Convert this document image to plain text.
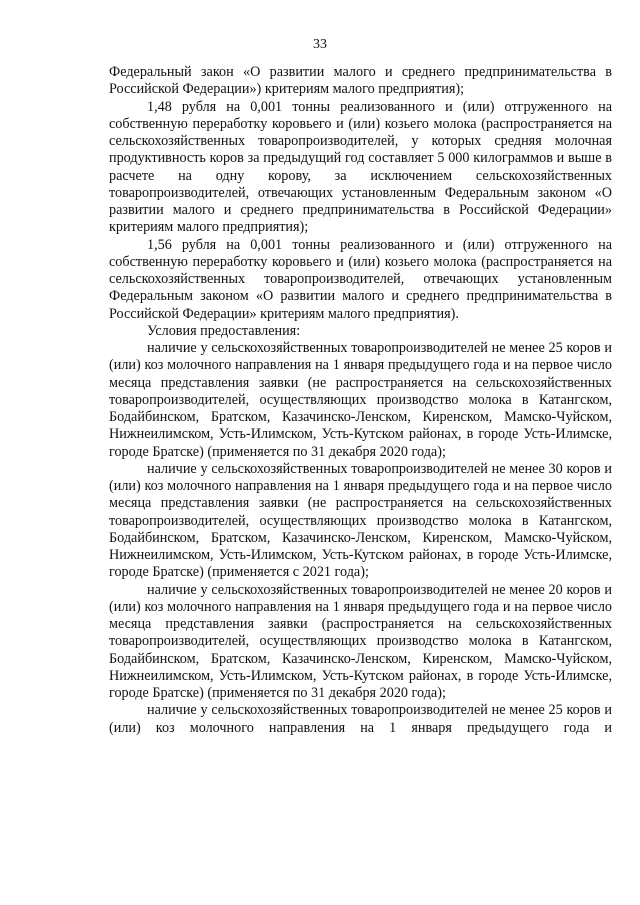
33

Федеральный закон «О развитии малого и среднего предпринимательства в Российской Федерации») критериям малого предприятия);

1,48 рубля на 0,001 тонны реализованного и (или) отгруженного на собственную переработку коровьего и (или) козьего молока (распространяется на сельскохозяйственных товаропроизводителей, у которых средняя молочная продуктивность коров за предыдущий год составляет 5 000 килограммов и выше в расчете на одну корову, за исключением сельскохозяйственных товаропроизводителей, отвечающих установленным Федеральным законом «О развитии малого и среднего предпринимательства в Российской Федерации» критериям малого предприятия);

1,56 рубля на 0,001 тонны реализованного и (или) отгруженного на собственную переработку коровьего и (или) козьего молока (распространяется на сельскохозяйственных товаропроизводителей, отвечающих установленным Федеральным законом «О развитии малого и среднего предпринимательства в Российской Федерации» критериям малого предприятия).

Условия предоставления:

наличие у сельскохозяйственных товаропроизводителей не менее 25 коров и (или) коз молочного направления на 1 января предыдущего года и на первое число месяца представления заявки (не распространяется на сельскохозяйственных товаропроизводителей, осуществляющих производство молока в Катангском, Бодайбинском, Братском, Казачинско-Ленском, Киренском, Мамско-Чуйском, Нижнеилимском, Усть-Илимском, Усть-Кутском районах, в городе Усть-Илимске, городе Братске) (применяется по 31 декабря 2020 года);

наличие у сельскохозяйственных товаропроизводителей не менее 30 коров и (или) коз молочного направления на 1 января предыдущего года и на первое число месяца представления заявки (не распространяется на сельскохозяйственных товаропроизводителей, осуществляющих производство молока в Катангском, Бодайбинском, Братском, Казачинско-Ленском, Киренском, Мамско-Чуйском, Нижнеилимском, Усть-Илимском, Усть-Кутском районах, в городе Усть-Илимске, городе Братске) (применяется с 2021 года);

наличие у сельскохозяйственных товаропроизводителей не менее 20 коров и (или) коз молочного направления на 1 января предыдущего года и на первое число месяца представления заявки (распространяется на сельскохозяйственных товаропроизводителей, осуществляющих производство молока в Катангском, Бодайбинском, Братском, Казачинско-Ленском, Киренском, Мамско-Чуйском, Нижнеилимском, Усть-Илимском, Усть-Кутском районах, в городе Усть-Илимске, городе Братске) (применяется по 31 декабря 2020 года);

наличие у сельскохозяйственных товаропроизводителей не менее 25 коров и (или) коз молочного направления на 1 января предыдущего года и
